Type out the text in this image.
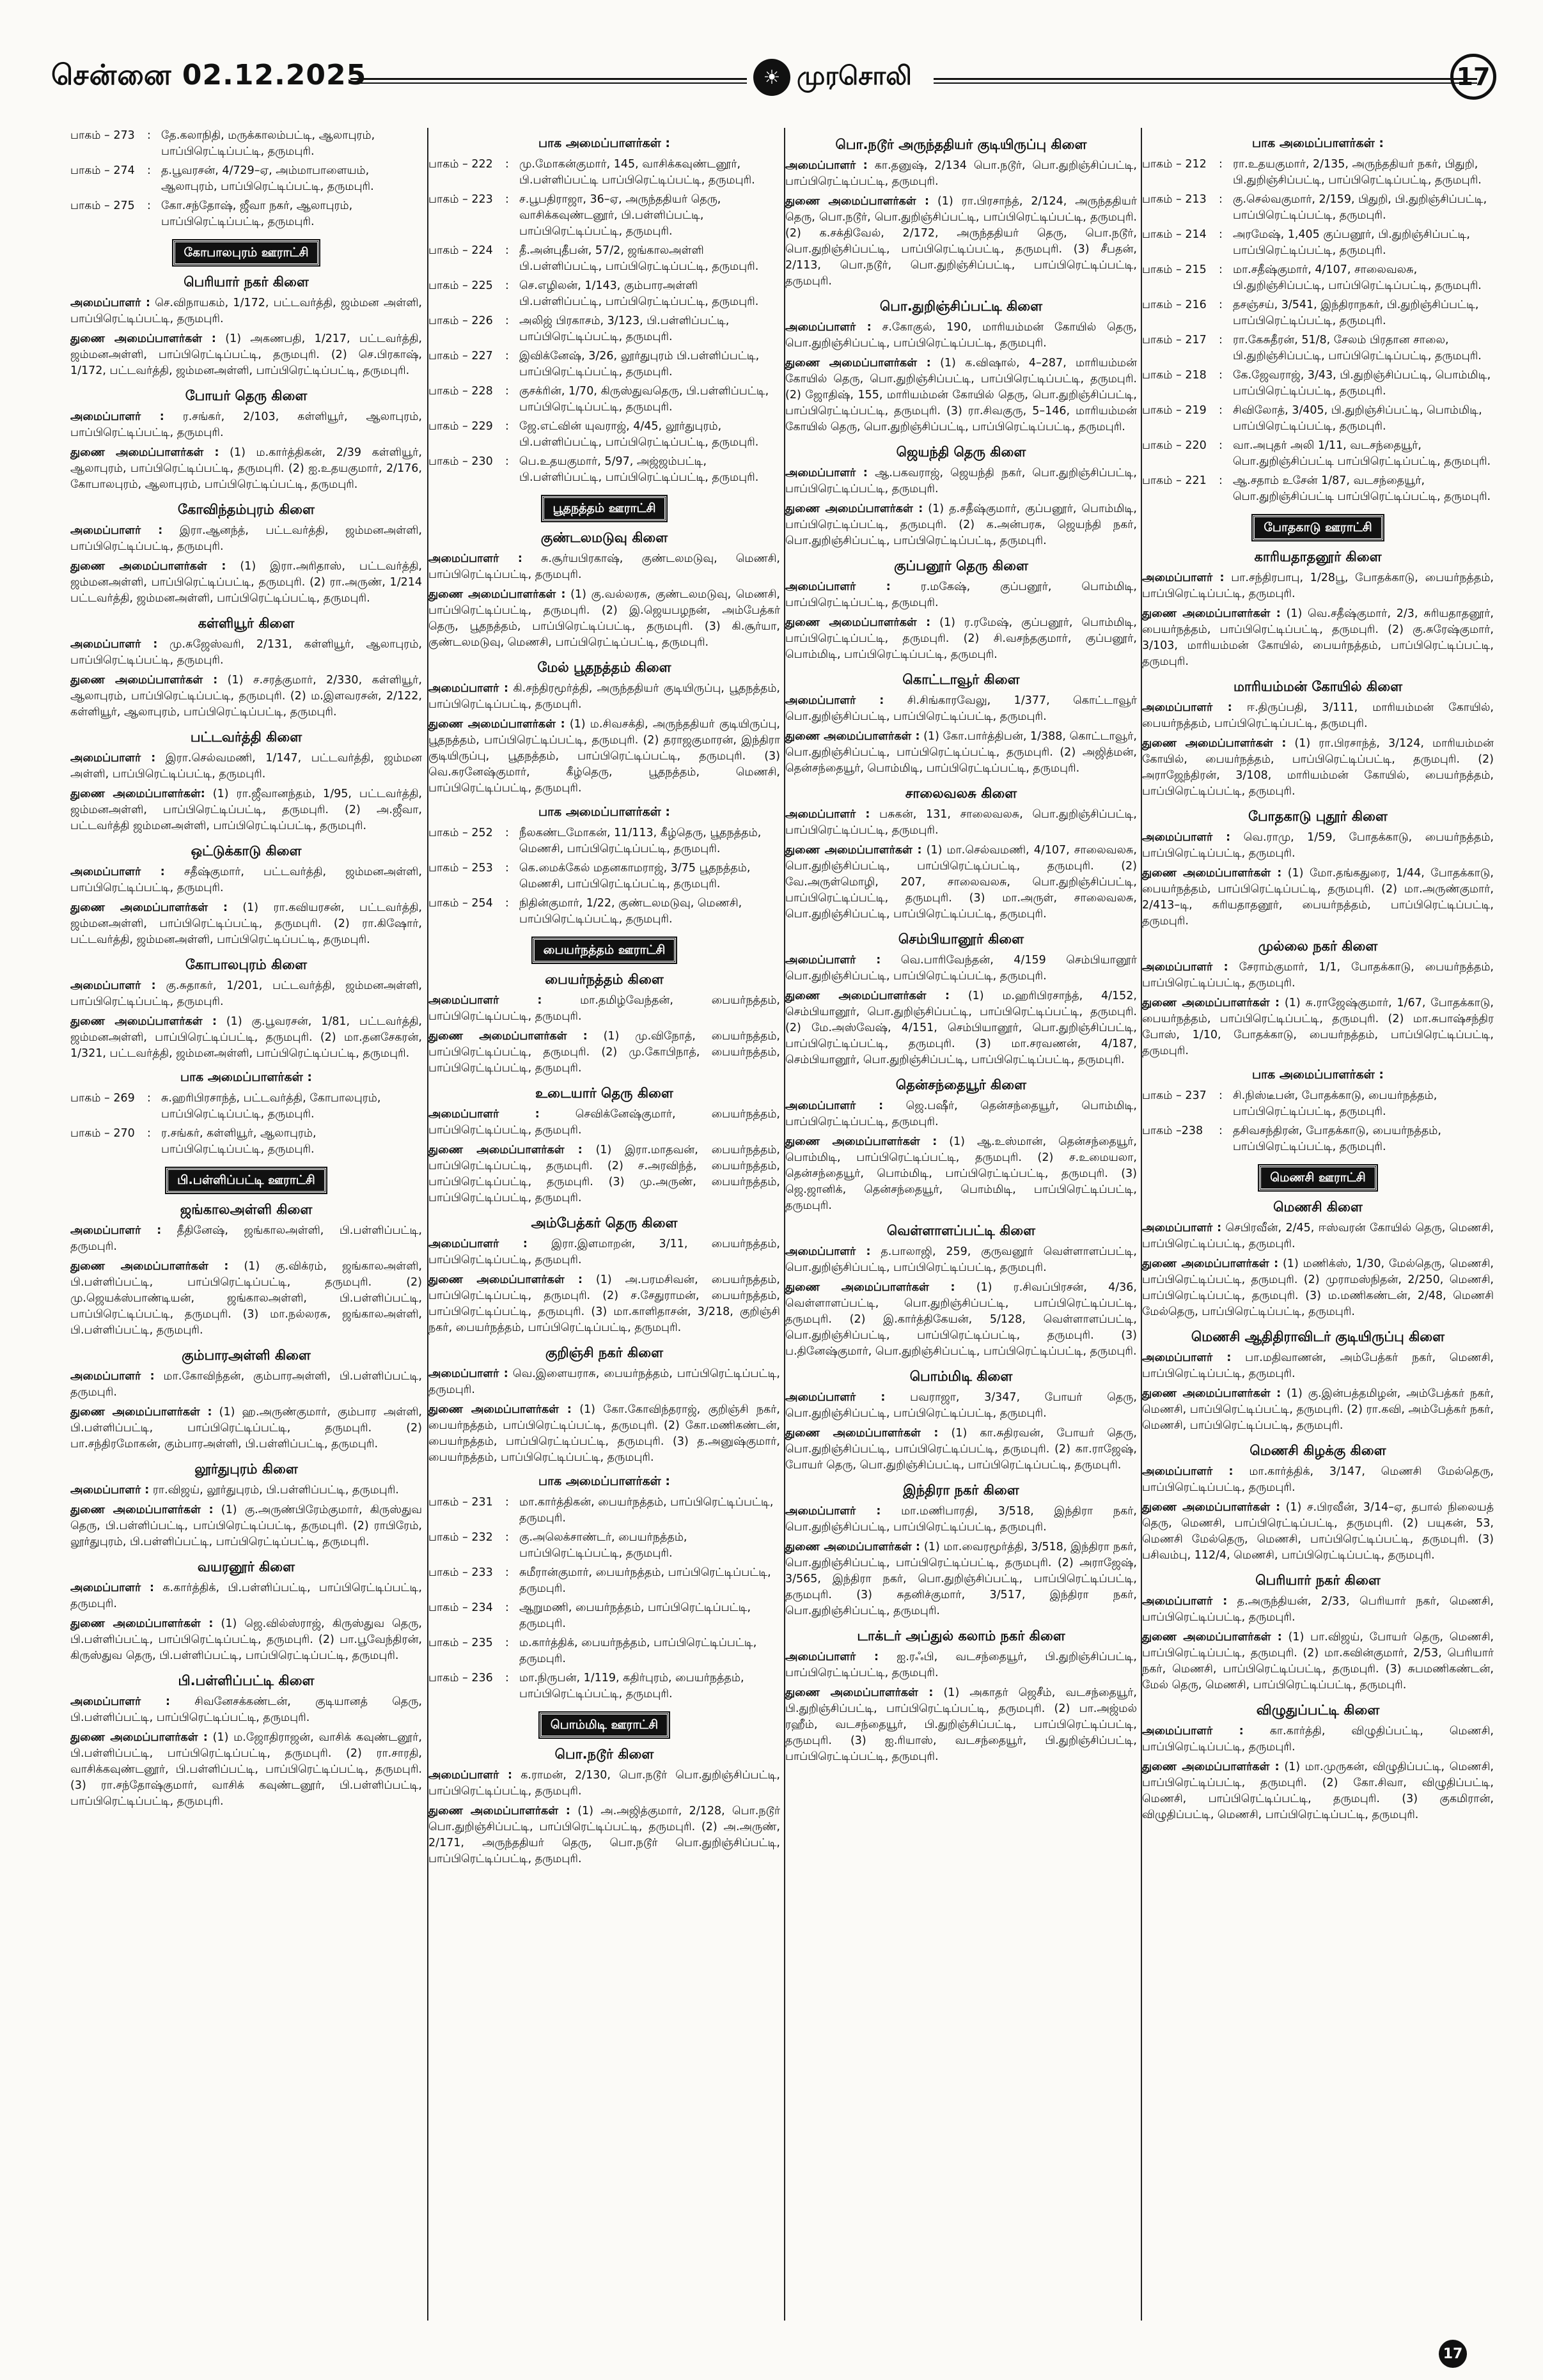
சென்னை 02.12.2025	☀ முரசொலி	17
பாகம் – 273	: தே.கலாநிதி, மருக்காலம்பட்டி, ஆலாபுரம், பாப்பிரெட்டிப்பட்டி, தருமபுரி.
பாகம் – 274	: த.பூவரசன், 4/729–ஏ, அம்மாபாளையம், ஆலாபுரம், பாப்பிரெட்டிப்பட்டி, தருமபுரி.
பாகம் – 275	: கோ.சந்தோஷ், ஜீவா நகர், ஆலாபுரம், பாப்பிரெட்டிப்பட்டி, தருமபுரி.
கோபாலபுரம் ஊராட்சி
பெரியார் நகர் கிளை

அமைப்பாளர் : செ.விநாயகம், 1/172, பட்டவர்த்தி, ஜம்மன அள்ளி, பாப்பிரெட்டிப்பட்டி, தருமபுரி.

துணை அமைப்பாளர்கள் : (1) அகணபதி, 1/217, பட்டவர்த்தி, ஜம்மனஅள்ளி, பாப்பிரெட்டிப்பட்டி, தருமபுரி. (2) செ.பிரகாஷ், 1/172, பட்டவர்த்தி, ஜம்மனஅள்ளி, பாப்பிரெட்டிப்பட்டி, தருமபுரி.

போயர் தெரு கிளை

அமைப்பாளர் : ர.சங்கர், 2/103, கள்ளியூர், ஆலாபுரம், பாப்பிரெட்டிப்பட்டி, தருமபுரி.

துணை அமைப்பாளர்கள் : (1) ம.கார்த்திகன், 2/39 கள்ளியூர், ஆலாபுரம், பாப்பிரெட்டிப்பட்டி, தருமபுரி. (2) ஐ.உதயகுமார், 2/176, கோபாலபுரம், ஆலாபுரம், பாப்பிரெட்டிப்பட்டி, தருமபுரி.

கோவிந்தம்புரம் கிளை

அமைப்பாளர் : இரா.ஆனந்த், பட்டவர்த்தி, ஜம்மனஅள்ளி, பாப்பிரெட்டிப்பட்டி, தருமபுரி.

துணை அமைப்பாளர்கள் : (1) இரா.அரிதாஸ், பட்டவர்த்தி, ஜம்மனஅள்ளி, பாப்பிரெட்டிப்பட்டி, தருமபுரி. (2) ரா.அருண், 1/214 பட்டவர்த்தி, ஜம்மனஅள்ளி, பாப்பிரெட்டிப்பட்டி, தருமபுரி.

கள்ளியூர் கிளை

அமைப்பாளர் : மு.சுஜேஸ்வரி, 2/131, கள்ளியூர், ஆலாபுரம், பாப்பிரெட்டிப்பட்டி, தருமபுரி.

துணை அமைப்பாளர்கள் : (1) ச.சரத்குமார், 2/330, கள்ளியூர், ஆலாபுரம், பாப்பிரெட்டிப்பட்டி, தருமபுரி. (2) ம.இளவரசன், 2/122, கள்ளியூர், ஆலாபுரம், பாப்பிரெட்டிப்பட்டி, தருமபுரி.

பட்டவர்த்தி கிளை

அமைப்பாளர் : இரா.செல்வமணி, 1/147, பட்டவர்த்தி, ஜம்மன அள்ளி, பாப்பிரெட்டிப்பட்டி, தருமபுரி.

துணை அமைப்பாளர்கள்: (1) ரா.ஜீவானந்தம், 1/95, பட்டவர்த்தி, ஜம்மனஅள்ளி, பாப்பிரெட்டிப்பட்டி, தருமபுரி. (2) அ.ஜீவா, பட்டவர்த்தி ஜம்மனஅள்ளி, பாப்பிரெட்டிப்பட்டி, தருமபுரி.

ஒட்டுக்காடு கிளை

அமைப்பாளர் : சதீஷ்குமார், பட்டவர்த்தி, ஜம்மனஅள்ளி, பாப்பிரெட்டிப்பட்டி, தருமபுரி.

துணை அமைப்பாளர்கள் : (1) ரா.கவியரசன், பட்டவர்த்தி, ஜம்மனஅள்ளி, பாப்பிரெட்டிப்பட்டி, தருமபுரி. (2) ரா.கிஷோர், பட்டவர்த்தி, ஜம்மனஅள்ளி, பாப்பிரெட்டிப்பட்டி, தருமபுரி.

கோபாலபுரம் கிளை

அமைப்பாளர் : கு.சுதாகர், 1/201, பட்டவர்த்தி, ஜம்மனஅள்ளி, பாப்பிரெட்டிப்பட்டி, தருமபுரி.

துணை அமைப்பாளர்கள் : (1) கு.பூவரசன், 1/81, பட்டவர்த்தி, ஜம்மனஅள்ளி, பாப்பிரெட்டிப்பட்டி, தருமபுரி. (2) மா.தனசேகரன், 1/321, பட்டவர்த்தி, ஜம்மனஅள்ளி, பாப்பிரெட்டிப்பட்டி, தருமபுரி.

பாக அமைப்பாளர்கள் :
பாகம் – 269	: சு.ஹரிபிரசாந்த், பட்டவர்த்தி, கோபாலபுரம், பாப்பிரெட்டிப்பட்டி, தருமபுரி.
பாகம் – 270	: ர.சங்கர், கள்ளியூர், ஆலாபுரம், பாப்பிரெட்டிப்பட்டி, தருமபுரி.
பி.பள்ளிப்பட்டி ஊராட்சி
ஜங்காலஅள்ளி கிளை

அமைப்பாளர் : தீதினேஷ், ஜங்காலஅள்ளி, பி.பள்ளிப்பட்டி, தருமபுரி.

துணை அமைப்பாளர்கள் : (1) கு.விக்ரம், ஜங்காலஅள்ளி, பி.பள்ளிப்பட்டி, பாப்பிரெட்டிப்பட்டி, தருமபுரி. (2) மு.ஜெயக்ஸ்பாண்டியன், ஜங்காலஅள்ளி, பி.பள்ளிப்பட்டி, பாப்பிரெட்டிப்பட்டி, தருமபுரி. (3) மா.நல்லரசு, ஜங்காலஅள்ளி, பி.பள்ளிப்பட்டி, தருமபுரி.

கும்பாரஅள்ளி கிளை

அமைப்பாளர் : மா.கோவிந்தன், கும்பாரஅள்ளி, பி.பள்ளிப்பட்டி, தருமபுரி.

துணை அமைப்பாளர்கள் : (1) ஹ.அருண்குமார், கும்பார அள்ளி, பி.பள்ளிப்பட்டி, பாப்பிரெட்டிப்பட்டி, தருமபுரி. (2) பா.சந்திரமோகன், கும்பாரஅள்ளி, பி.பள்ளிப்பட்டி, தருமபுரி.

லூர்துபுரம் கிளை

அமைப்பாளர் : ரா.விஜய், லூர்துபுரம், பி.பள்ளிப்பட்டி, தருமபுரி.

துணை அமைப்பாளர்கள் : (1) கு.அருண்பிரேம்குமார், கிருஸ்துவ தெரு, பி.பள்ளிப்பட்டி, பாப்பிரெட்டிப்பட்டி, தருமபுரி. (2) ராபிரேம், லூர்துபுரம், பி.பள்ளிப்பட்டி, பாப்பிரெட்டிப்பட்டி, தருமபுரி.

வயரனூர் கிளை

அமைப்பாளர் : க.கார்த்திக், பி.பள்ளிப்பட்டி, பாப்பிரெட்டிப்பட்டி, தருமபுரி.

துணை அமைப்பாளர்கள் : (1) ஜெ.வில்ஸ்ராஜ், கிருஸ்துவ தெரு, பி.பள்ளிப்பட்டி, பாப்பிரெட்டிப்பட்டி, தருமபுரி. (2) பா.பூவேந்திரன், கிருஸ்துவ தெரு, பி.பள்ளிப்பட்டி, பாப்பிரெட்டிப்பட்டி, தருமபுரி.

பி.பள்ளிப்பட்டி கிளை

அமைப்பாளர் : சிவனேசக்கண்டன், குடியானத் தெரு, பி.பள்ளிப்பட்டி, பாப்பிரெட்டிப்பட்டி, தருமபுரி.

துணை அமைப்பாளர்கள் : (1) ம.ஜோதிராஜன், வாசிக் கவுண்டனூர், பி.பள்ளிப்பட்டி, பாப்பிரெட்டிப்பட்டி, தருமபுரி. (2) ரா.சாரதி, வாசிக்கவுண்டனூர், பி.பள்ளிப்பட்டி, பாப்பிரெட்டிப்பட்டி, தருமபுரி. (3) ரா.சந்தோஷ்குமார், வாசிக் கவுண்டனூர், பி.பள்ளிப்பட்டி, பாப்பிரெட்டிப்பட்டி, தருமபுரி.

பாக அமைப்பாளர்கள் :
பாகம் – 222	: மு.மோகன்குமார், 145, வாசிக்கவுண்டனூர், பி.பள்ளிப்பட்டி பாப்பிரெட்டிப்பட்டி, தருமபுரி.
பாகம் – 223	: ச.பூபதிராஜா, 36–ஏ, அருந்ததியர் தெரு, வாசிக்கவுண்டனூர், பி.பள்ளிப்பட்டி, பாப்பிரெட்டிப்பட்டி, தருமபுரி.
பாகம் – 224	: தீ.அன்புதீபன், 57/2, ஜங்காலஅள்ளி பி.பள்ளிப்பட்டி, பாப்பிரெட்டிப்பட்டி, தருமபுரி.
பாகம் – 225	: செ.எழிலன், 1/143, கும்பாரஅள்ளி பி.பள்ளிப்பட்டி, பாப்பிரெட்டிப்பட்டி, தருமபுரி.
பாகம் – 226	: அலிஜ் பிரகாசம், 3/123, பி.பள்ளிப்பட்டி, பாப்பிரெட்டிப்பட்டி, தருமபுரி.
பாகம் – 227	: இவிக்னேஷ், 3/26, லூர்துபுரம் பி.பள்ளிப்பட்டி, பாப்பிரெட்டிப்பட்டி, தருமபுரி.
பாகம் – 228	: குசக்ரின், 1/70, கிருஸ்துவதெரு, பி.பள்ளிப்பட்டி, பாப்பிரெட்டிப்பட்டி, தருமபுரி.
பாகம் – 229	: ஜே.எட்வின் யுவராஜ், 4/45, லூர்துபுரம், பி.பள்ளிப்பட்டி, பாப்பிரெட்டிப்பட்டி, தருமபுரி.
பாகம் – 230	: பெ.உதயகுமார், 5/97, அஜ்ஜம்பட்டி, பி.பள்ளிப்பட்டி, பாப்பிரெட்டிப்பட்டி, தருமபுரி.
பூதநத்தம் ஊராட்சி
குண்டலமடுவு கிளை

அமைப்பாளர் : சு.சூர்யபிரகாஷ், குண்டலமடுவு, மெணசி, பாப்பிரெட்டிப்பட்டி, தருமபுரி.

துணை அமைப்பாளர்கள் : (1) கு.வல்லரசு, குண்டலமடுவு, மெணசி, பாப்பிரெட்டிப்பட்டி, தருமபுரி. (2) இ.ஜெயபழநன், அம்பேத்கர் தெரு, பூதநத்தம், பாப்பிரெட்டிப்பட்டி, தருமபுரி. (3) கி.சூர்யா, குண்டலமடுவு, மெணசி, பாப்பிரெட்டிப்பட்டி, தருமபுரி.

மேல் பூதநத்தம் கிளை

அமைப்பாளர் : கி.சந்திரமூர்த்தி, அருந்ததியர் குடியிருப்பு, பூதநத்தம், பாப்பிரெட்டிப்பட்டி, தருமபுரி.

துணை அமைப்பாளர்கள் : (1) ம.சிவசக்தி, அருந்ததியர் குடியிருப்பு, பூதநத்தம், பாப்பிரெட்டிப்பட்டி, தருமபுரி. (2) தராஜகுமாரன், இந்திரா குடியிருப்பு, பூதநத்தம், பாப்பிரெட்டிப்பட்டி, தருமபுரி. (3) வெ.சுரனேஷ்குமார், கீழ்தெரு, பூதநத்தம், மெணசி, பாப்பிரெட்டிப்பட்டி, தருமபுரி.

பாக அமைப்பாளர்கள் :
பாகம் – 252	: நீலகண்டமோகன், 11/113, கீழ்தெரு, பூதநத்தம், மெணசி, பாப்பிரெட்டிப்பட்டி, தருமபுரி.
பாகம் – 253	: கெ.மைக்கேல் மதனகாமராஜ், 3/75 பூதநத்தம், மெணசி, பாப்பிரெட்டிப்பட்டி, தருமபுரி.
பாகம் – 254	: நிதின்குமார், 1/22, குண்டலமடுவு, மெணசி, பாப்பிரெட்டிப்பட்டி, தருமபுரி.
பையர்நத்தம் ஊராட்சி
பையர்நத்தம் கிளை

அமைப்பாளர் :	மா.தமிழ்வேந்தன், பையர்நத்தம், பாப்பிரெட்டிப்பட்டி, தருமபுரி.

துணை அமைப்பாளர்கள் : (1) மு.விநோத், பையர்நத்தம், பாப்பிரெட்டிப்பட்டி, தருமபுரி. (2) மு.கோபிநாத், பையர்நத்தம், பாப்பிரெட்டிப்பட்டி, தருமபுரி.

உடையார் தெரு கிளை

அமைப்பாளர் :	செவிக்னேஷ்குமார், பையர்நத்தம், பாப்பிரெட்டிப்பட்டி, தருமபுரி.

துணை அமைப்பாளர்கள் : (1) இரா.மாதவன், பையர்நத்தம், பாப்பிரெட்டிப்பட்டி, தருமபுரி. (2) ச.அரவிந்த், பையர்நத்தம், பாப்பிரெட்டிப்பட்டி, தருமபுரி. (3) மு.அருண், பையர்நத்தம், பாப்பிரெட்டிப்பட்டி, தருமபுரி.

அம்பேத்கர் தெரு கிளை

அமைப்பாளர் : இரா.இளமாறன், 3/11, பையர்நத்தம், பாப்பிரெட்டிப்பட்டி, தருமபுரி.

துணை அமைப்பாளர்கள் : (1) அ.பரமசிவன், பையர்நத்தம், பாப்பிரெட்டிப்பட்டி, தருமபுரி. (2) ச.சேதுராமன், பையர்நத்தம், பாப்பிரெட்டிப்பட்டி, தருமபுரி. (3) மா.காளிதாசன், 3/218, குறிஞ்சி நகர், பையர்நத்தம், பாப்பிரெட்டிப்பட்டி, தருமபுரி.

குறிஞ்சி நகர் கிளை

அமைப்பாளர் : வெ.இளையராசு, பையர்நத்தம், பாப்பிரெட்டிப்பட்டி, தருமபுரி.

துணை அமைப்பாளர்கள் : (1) கோ.கோவிந்தராஜ், குறிஞ்சி நகர், பையர்நத்தம், பாப்பிரெட்டிப்பட்டி, தருமபுரி. (2) கோ.மணிகண்டன், பையர்நத்தம், பாப்பிரெட்டிப்பட்டி, தருமபுரி. (3) த.அனுஷ்குமார், பையர்நத்தம், பாப்பிரெட்டிப்பட்டி, தருமபுரி.

பாக அமைப்பாளர்கள் :
பாகம் – 231	: மா.கார்த்திகன், பையர்நத்தம், பாப்பிரெட்டிப்பட்டி, தருமபுரி.
பாகம் – 232	: கு.அலெக்சாண்டர், பையர்நத்தம், பாப்பிரெட்டிப்பட்டி, தருமபுரி.
பாகம் – 233	: சுமீரான்குமார், பையர்நத்தம், பாப்பிரெட்டிப்பட்டி, தருமபுரி.
பாகம் – 234	: ஆறுமணி, பையர்நத்தம், பாப்பிரெட்டிப்பட்டி, தருமபுரி.
பாகம் – 235	: ம.கார்த்திக், பையர்நத்தம், பாப்பிரெட்டிப்பட்டி, தருமபுரி.
பாகம் – 236	: மா.நிருபன், 1/119, கதிர்புரம், பையர்நத்தம், பாப்பிரெட்டிப்பட்டி, தருமபுரி.
பொம்மிடி ஊராட்சி
பொ.நடூர் கிளை

அமைப்பாளர் : க.ராமன், 2/130, பொ.நடூர் பொ.துறிஞ்சிப்பட்டி, பாப்பிரெட்டிப்பட்டி, தருமபுரி.

துணை அமைப்பாளர்கள் : (1) அ.அஜித்குமார், 2/128, பொ.நடூர் பொ.துறிஞ்சிப்பட்டி, பாப்பிரெட்டிப்பட்டி, தருமபுரி. (2) அ.அருண், 2/171, அருந்ததியர் தெரு, பொ.நடூர் பொ.துறிஞ்சிப்பட்டி, பாப்பிரெட்டிப்பட்டி, தருமபுரி.

பொ.நடூர் அருந்ததியர் குடியிருப்பு கிளை

அமைப்பாளர் : கா.தனுஷ், 2/134 பொ.நடூர், பொ.துறிஞ்சிப்பட்டி, பாப்பிரெட்டிப்பட்டி, தருமபுரி.

துணை அமைப்பாளர்கள் : (1) ரா.பிரசாந்த், 2/124, அருந்ததியர் தெரு, பொ.நடூர், பொ.துறிஞ்சிப்பட்டி, பாப்பிரெட்டிப்பட்டி, தருமபுரி. (2) க.சக்திவேல், 2/172, அருந்ததியர் தெரு, பொ.நடூர், பொ.துறிஞ்சிப்பட்டி, பாப்பிரெட்டிப்பட்டி, தருமபுரி. (3) சீபதன், 2/113, பொ.நடூர், பொ.துறிஞ்சிப்பட்டி, பாப்பிரெட்டிப்பட்டி, தருமபுரி.

பொ.துறிஞ்சிப்பட்டி கிளை

அமைப்பாளர் : ச.கோகுல், 190, மாரியம்மன் கோயில் தெரு, பொ.துறிஞ்சிப்பட்டி, பாப்பிரெட்டிப்பட்டி, தருமபுரி.

துணை அமைப்பாளர்கள் : (1) க.விஷால், 4–287, மாரியம்மன் கோயில் தெரு, பொ.துறிஞ்சிப்பட்டி, பாப்பிரெட்டிப்பட்டி, தருமபுரி. (2) ஜோதிஷ், 155, மாரியம்மன் கோயில் தெரு, பொ.துறிஞ்சிப்பட்டி, பாப்பிரெட்டிப்பட்டி, தருமபுரி. (3) ரா.சிவகுரு, 5–146, மாரியம்மன் கோயில் தெரு, பொ.துறிஞ்சிப்பட்டி, பாப்பிரெட்டிப்பட்டி, தருமபுரி.

ஜெயந்தி தெரு கிளை

அமைப்பாளர் : ஆ.பகவராஜ், ஜெயந்தி நகர், பொ.துறிஞ்சிப்பட்டி, பாப்பிரெட்டிப்பட்டி, தருமபுரி.

துணை அமைப்பாளர்கள் : (1) த.சதீஷ்குமார், குப்பனூர், பொம்மிடி, பாப்பிரெட்டிப்பட்டி, தருமபுரி. (2) க.அன்பரசு, ஜெயந்தி நகர், பொ.துறிஞ்சிப்பட்டி, பாப்பிரெட்டிப்பட்டி, தருமபுரி.

குப்பனூர் தெரு கிளை

அமைப்பாளர் :	ர.மகேஷ், குப்பனூர், பொம்மிடி, பாப்பிரெட்டிப்பட்டி, தருமபுரி.

துணை அமைப்பாளர்கள் : (1) ர.ரமேஷ், குப்பனூர், பொம்மிடி, பாப்பிரெட்டிப்பட்டி, தருமபுரி. (2) சி.வசந்தகுமார், குப்பனூர், பொம்மிடி, பாப்பிரெட்டிப்பட்டி, தருமபுரி.

கொட்டாவூர் கிளை

அமைப்பாளர் : சி.சிங்காரவேலு, 1/377, கொட்டாவூர் பொ.துறிஞ்சிப்பட்டி, பாப்பிரெட்டிப்பட்டி, தருமபுரி.

துணை அமைப்பாளர்கள் : (1) கோ.பார்த்திபன், 1/388, கொட்டாவூர், பொ.துறிஞ்சிப்பட்டி, பாப்பிரெட்டிப்பட்டி, தருமபுரி. (2) அஜித்மன், தென்சந்தையூர், பொம்மிடி, பாப்பிரெட்டிப்பட்டி, தருமபுரி.

சாலைவலசு கிளை

அமைப்பாளர் : பசுகன், 131, சாலைவலசு, பொ.துறிஞ்சிப்பட்டி, பாப்பிரெட்டிப்பட்டி, தருமபுரி.

துணை அமைப்பாளர்கள் : (1) மா.செல்வமணி, 4/107, சாலைவலசு, பொ.துறிஞ்சிப்பட்டி, பாப்பிரெட்டிப்பட்டி, தருமபுரி. (2) வே.அருள்மொழி, 207, சாலைவலசு, பொ.துறிஞ்சிப்பட்டி, பாப்பிரெட்டிப்பட்டி, தருமபுரி. (3) மா.அருள், சாலைவலசு, பொ.துறிஞ்சிப்பட்டி, பாப்பிரெட்டிப்பட்டி, தருமபுரி.

செம்பியானூர் கிளை

அமைப்பாளர் : வெ.பாரிவேந்தன், 4/159 செம்பியானூர் பொ.துறிஞ்சிப்பட்டி, பாப்பிரெட்டிப்பட்டி, தருமபுரி.

துணை அமைப்பாளர்கள் : (1) ம.ஹரிபிரசாந்த், 4/152, செம்பியானூர், பொ.துறிஞ்சிப்பட்டி, பாப்பிரெட்டிப்பட்டி, தருமபுரி. (2) மே.அஸ்வேஷ், 4/151, செம்பியானூர், பொ.துறிஞ்சிப்பட்டி, பாப்பிரெட்டிப்பட்டி, தருமபுரி. (3) மா.சரவணன், 4/187, செம்பியானூர், பொ.துறிஞ்சிப்பட்டி, பாப்பிரெட்டிப்பட்டி, தருமபுரி.

தென்சந்தையூர் கிளை

அமைப்பாளர் : ஜெ.பஷீர், தென்சந்தையூர், பொம்மிடி, பாப்பிரெட்டிப்பட்டி, தருமபுரி.

துணை அமைப்பாளர்கள் : (1) ஆ.உஸ்மான், தென்சந்தையூர், பொம்மிடி, பாப்பிரெட்டிப்பட்டி, தருமபுரி. (2) ச.உமையலா, தென்சந்தையூர், பொம்மிடி, பாப்பிரெட்டிப்பட்டி, தருமபுரி. (3) ஜெ.ஜானிக், தென்சந்தையூர், பொம்மிடி, பாப்பிரெட்டிப்பட்டி, தருமபுரி.

வெள்ளாளப்பட்டி கிளை

அமைப்பாளர் : த.பாலாஜி, 259, குருவனூர் வெள்ளாளப்பட்டி, பொ.துறிஞ்சிப்பட்டி, பாப்பிரெட்டிப்பட்டி, தருமபுரி.

துணை அமைப்பாளர்கள் : (1) ர.சிவப்பிரசன், 4/36, வெள்ளாளப்பட்டி, பொ.துறிஞ்சிப்பட்டி, பாப்பிரெட்டிப்பட்டி, தருமபுரி. (2) இ.கார்த்திகேயன், 5/128, வெள்ளாளப்பட்டி, பொ.துறிஞ்சிப்பட்டி, பாப்பிரெட்டிப்பட்டி, தருமபுரி. (3) ப.தினேஷ்குமார், பொ.துறிஞ்சிப்பட்டி, பாப்பிரெட்டிப்பட்டி, தருமபுரி.

பொம்மிடி கிளை

அமைப்பாளர் : பவராஜா, 3/347, போயர் தெரு, பொ.துறிஞ்சிப்பட்டி, பாப்பிரெட்டிப்பட்டி, தருமபுரி.

துணை அமைப்பாளர்கள் : (1) கா.சுதிரவன், போயர் தெரு, பொ.துறிஞ்சிப்பட்டி, பாப்பிரெட்டிப்பட்டி, தருமபுரி. (2) கா.ராஜேஷ், போயர் தெரு, பொ.துறிஞ்சிப்பட்டி, பாப்பிரெட்டிப்பட்டி, தருமபுரி.

இந்திரா நகர் கிளை

அமைப்பாளர் : மா.மணிபாரதி, 3/518, இந்திரா நகர், பொ.துறிஞ்சிப்பட்டி, பாப்பிரெட்டிப்பட்டி, தருமபுரி.

துணை அமைப்பாளர்கள் : (1) மா.வைரமூர்த்தி, 3/518, இந்திரா நகர், பொ.துறிஞ்சிப்பட்டி, பாப்பிரெட்டிப்பட்டி, தருமபுரி. (2) அராஜேஷ், 3/565, இந்திரா நகர், பொ.துறிஞ்சிப்பட்டி, பாப்பிரெட்டிப்பட்டி, தருமபுரி. (3) சுதனிச்குமார், 3/517, இந்திரா நகர், பொ.துறிஞ்சிப்பட்டி, தருமபுரி.

டாக்டர் அப்துல் கலாம் நகர் கிளை

அமைப்பாளர் : ஐ.ரஃபி, வடசந்தையூர், பி.துறிஞ்சிப்பட்டி, பாப்பிரெட்டிப்பட்டி, தருமபுரி.

துணை அமைப்பாளர்கள் : (1) அகாதர் ஜெசீம், வடசந்தையூர், பி.துறிஞ்சிப்பட்டி, பாப்பிரெட்டிப்பட்டி, தருமபுரி. (2) பா.அஜ்மல் ரஹீம், வடசந்தையூர், பி.துறிஞ்சிப்பட்டி, பாப்பிரெட்டிப்பட்டி, தருமபுரி. (3) ஐ.ரியாஸ், வடசந்தையூர், பி.துறிஞ்சிப்பட்டி, பாப்பிரெட்டிப்பட்டி, தருமபுரி.

பாக அமைப்பாளர்கள் :
பாகம் – 212	: ரா.உதயகுமார், 2/135, அருந்ததியர் நகர், பிதுறி, பி.துறிஞ்சிப்பட்டி, பாப்பிரெட்டிப்பட்டி, தருமபுரி.
பாகம் – 213	: கு.செல்வகுமார், 2/159, பிதுறி, பி.துறிஞ்சிப்பட்டி, பாப்பிரெட்டிப்பட்டி, தருமபுரி.
பாகம் – 214	: அரமேஷ், 1,405 குப்பனூர், பி.துறிஞ்சிப்பட்டி, பாப்பிரெட்டிப்பட்டி, தருமபுரி.
பாகம் – 215	: மா.சதீஷ்குமார், 4/107, சாலைவலசு, பி.துறிஞ்சிப்பட்டி, பாப்பிரெட்டிப்பட்டி, தருமபுரி.
பாகம் – 216	: தசஞ்சய், 3/541, இந்திராநகர், பி.துறிஞ்சிப்பட்டி, பாப்பிரெட்டிப்பட்டி, தருமபுரி.
பாகம் – 217	: ரா.கேசுதீரன், 51/8, சேலம் பிரதான சாலை, பி.துறிஞ்சிப்பட்டி, பாப்பிரெட்டிப்பட்டி, தருமபுரி.
பாகம் – 218	: கே.ஜேவராஜ், 3/43, பி.துறிஞ்சிப்பட்டி, பொம்மிடி, பாப்பிரெட்டிப்பட்டி, தருமபுரி.
பாகம் – 219	: சிவிலோத், 3/405, பி.துறிஞ்சிப்பட்டி, பொம்மிடி, பாப்பிரெட்டிப்பட்டி, தருமபுரி.
பாகம் – 220	: வா.அபுதர் அலி 1/11, வடசந்தையூர், பொ.துறிஞ்சிப்பட்டி பாப்பிரெட்டிப்பட்டி, தருமபுரி.
பாகம் – 221	: ஆ.சதாம் உசேன் 1/87, வடசந்தையூர், பொ.துறிஞ்சிப்பட்டி பாப்பிரெட்டிப்பட்டி, தருமபுரி.
போதகாடு ஊராட்சி
காரியதாதனூர் கிளை

அமைப்பாளர் : பா.சந்திரபாபு, 1/28பூ, போதக்காடு, பையர்நத்தம், பாப்பிரெட்டிப்பட்டி, தருமபுரி.

துணை அமைப்பாளர்கள் : (1) வெ.சதீஷ்குமார், 2/3, சுரியதாதனூர், பையர்நத்தம், பாப்பிரெட்டிப்பட்டி, தருமபுரி. (2) கு.சுரேஷ்குமார், 3/103, மாரியம்மன் கோயில், பையர்நத்தம், பாப்பிரெட்டிப்பட்டி, தருமபுரி.

மாரியம்மன் கோயில் கிளை

அமைப்பாளர் : ஈ.திருப்பதி, 3/111, மாரியம்மன் கோயில், பையர்நத்தம், பாப்பிரெட்டிப்பட்டி, தருமபுரி.

துணை அமைப்பாளர்கள் : (1) ரா.பிரசாந்த், 3/124, மாரியம்மன் கோயில், பையர்நத்தம், பாப்பிரெட்டிப்பட்டி, தருமபுரி. (2) அராஜேந்திரன், 3/108, மாரியம்மன் கோயில், பையர்நத்தம், பாப்பிரெட்டிப்பட்டி, தருமபுரி.

போதகாடு புதூர் கிளை

அமைப்பாளர் : வெ.ராமு, 1/59, போதக்காடு, பையர்நத்தம், பாப்பிரெட்டிப்பட்டி, தருமபுரி.

துணை அமைப்பாளர்கள் : (1) மோ.தங்கதுரை, 1/44, போதக்காடு, பையர்நத்தம், பாப்பிரெட்டிப்பட்டி, தருமபுரி. (2) மா.அருண்குமார், 2/413–டி, சுரியதாதனூர், பையர்நத்தம், பாப்பிரெட்டிப்பட்டி, தருமபுரி.

முல்லை நகர் கிளை

அமைப்பாளர் : சேராம்குமார், 1/1, போதக்காடு, பையர்நத்தம், பாப்பிரெட்டிப்பட்டி, தருமபுரி.

துணை அமைப்பாளர்கள் : (1) சு.ராஜேஷ்குமார், 1/67, போதக்காடு, பையர்நத்தம், பாப்பிரெட்டிப்பட்டி, தருமபுரி. (2) மா.சுபாஷ்சந்திர போஸ், 1/10, போதக்காடு, பையர்நத்தம், பாப்பிரெட்டிப்பட்டி, தருமபுரி.

பாக அமைப்பாளர்கள் :
பாகம் – 237	: சி.நிஸ்டீபன், போதக்காடு, பையர்நத்தம், பாப்பிரெட்டிப்பட்டி, தருமபுரி.
பாகம் –238	: தசிவசந்திரன், போதக்காடு, பையர்நத்தம், பாப்பிரெட்டிப்பட்டி, தருமபுரி.
மெணசி ஊராட்சி
மெணசி கிளை

அமைப்பாளர் : செபிரவீன், 2/45, ஈஸ்வரன் கோயில் தெரு, மெணசி, பாப்பிரெட்டிப்பட்டி, தருமபுரி.

துணை அமைப்பாளர்கள் : (1) மணிக்ஸ், 1/30, மேல்தெரு, மெணசி, பாப்பிரெட்டிப்பட்டி, தருமபுரி. (2) முராமஸ்நிதன், 2/250, மெணசி, பாப்பிரெட்டிப்பட்டி, தருமபுரி. (3) ம.மணிகண்டன், 2/48, மெணசி மேல்தெரு, பாப்பிரெட்டிப்பட்டி, தருமபுரி.

மெணசி ஆதிதிராவிடர் குடியிருப்பு கிளை

அமைப்பாளர் : பா.மதிவாணன், அம்பேத்கர் நகர், மெணசி, பாப்பிரெட்டிப்பட்டி, தருமபுரி.

துணை அமைப்பாளர்கள் : (1) கு.இன்பத்தமிழன், அம்பேத்கர் நகர், மெணசி, பாப்பிரெட்டிப்பட்டி, தருமபுரி. (2) ரா.கவி, அம்பேத்கர் நகர், மெணசி, பாப்பிரெட்டிப்பட்டி, தருமபுரி.

மெணசி கிழக்கு கிளை

அமைப்பாளர் : மா.கார்த்திக், 3/147, மெணசி மேல்தெரு, பாப்பிரெட்டிப்பட்டி, தருமபுரி.

துணை அமைப்பாளர்கள் : (1) ச.பிரவீன், 3/14–ஏ, தபால் நிலையத் தெரு, மெணசி, பாப்பிரெட்டிப்பட்டி, தருமபுரி. (2) பயுகன், 53, மெணசி மேல்தெரு, மெணசி, பாப்பிரெட்டிப்பட்டி, தருமபுரி. (3) பசிவம்பு, 112/4, மெணசி, பாப்பிரெட்டிப்பட்டி, தருமபுரி.

பெரியார் நகர் கிளை

அமைப்பாளர் : த.அருந்தியன், 2/33, பெரியார் நகர், மெணசி, பாப்பிரெட்டிப்பட்டி, தருமபுரி.

துணை அமைப்பாளர்கள் : (1) பா.விஜய், போயர் தெரு, மெணசி, பாப்பிரெட்டிப்பட்டி, தருமபுரி. (2) மா.கவின்குமார், 2/53, பெரியார் நகர், மெணசி, பாப்பிரெட்டிப்பட்டி, தருமபுரி. (3) சுபமணிகண்டன், மேல் தெரு, மெணசி, பாப்பிரெட்டிப்பட்டி, தருமபுரி.

விழுதுப்பட்டி கிளை

அமைப்பாளர் : கா.கார்த்தி, விழுதிப்பட்டி, மெணசி, பாப்பிரெட்டிப்பட்டி, தருமபுரி.

துணை அமைப்பாளர்கள் : (1) மா.முருகன், விழுதிப்பட்டி, மெணசி, பாப்பிரெட்டிப்பட்டி, தருமபுரி. (2) கோ.சிவா, விழுதிப்பட்டி, மெணசி, பாப்பிரெட்டிப்பட்டி, தருமபுரி. (3) குகமிரான், விழுதிப்பட்டி, மெணசி, பாப்பிரெட்டிப்பட்டி, தருமபுரி.

17
